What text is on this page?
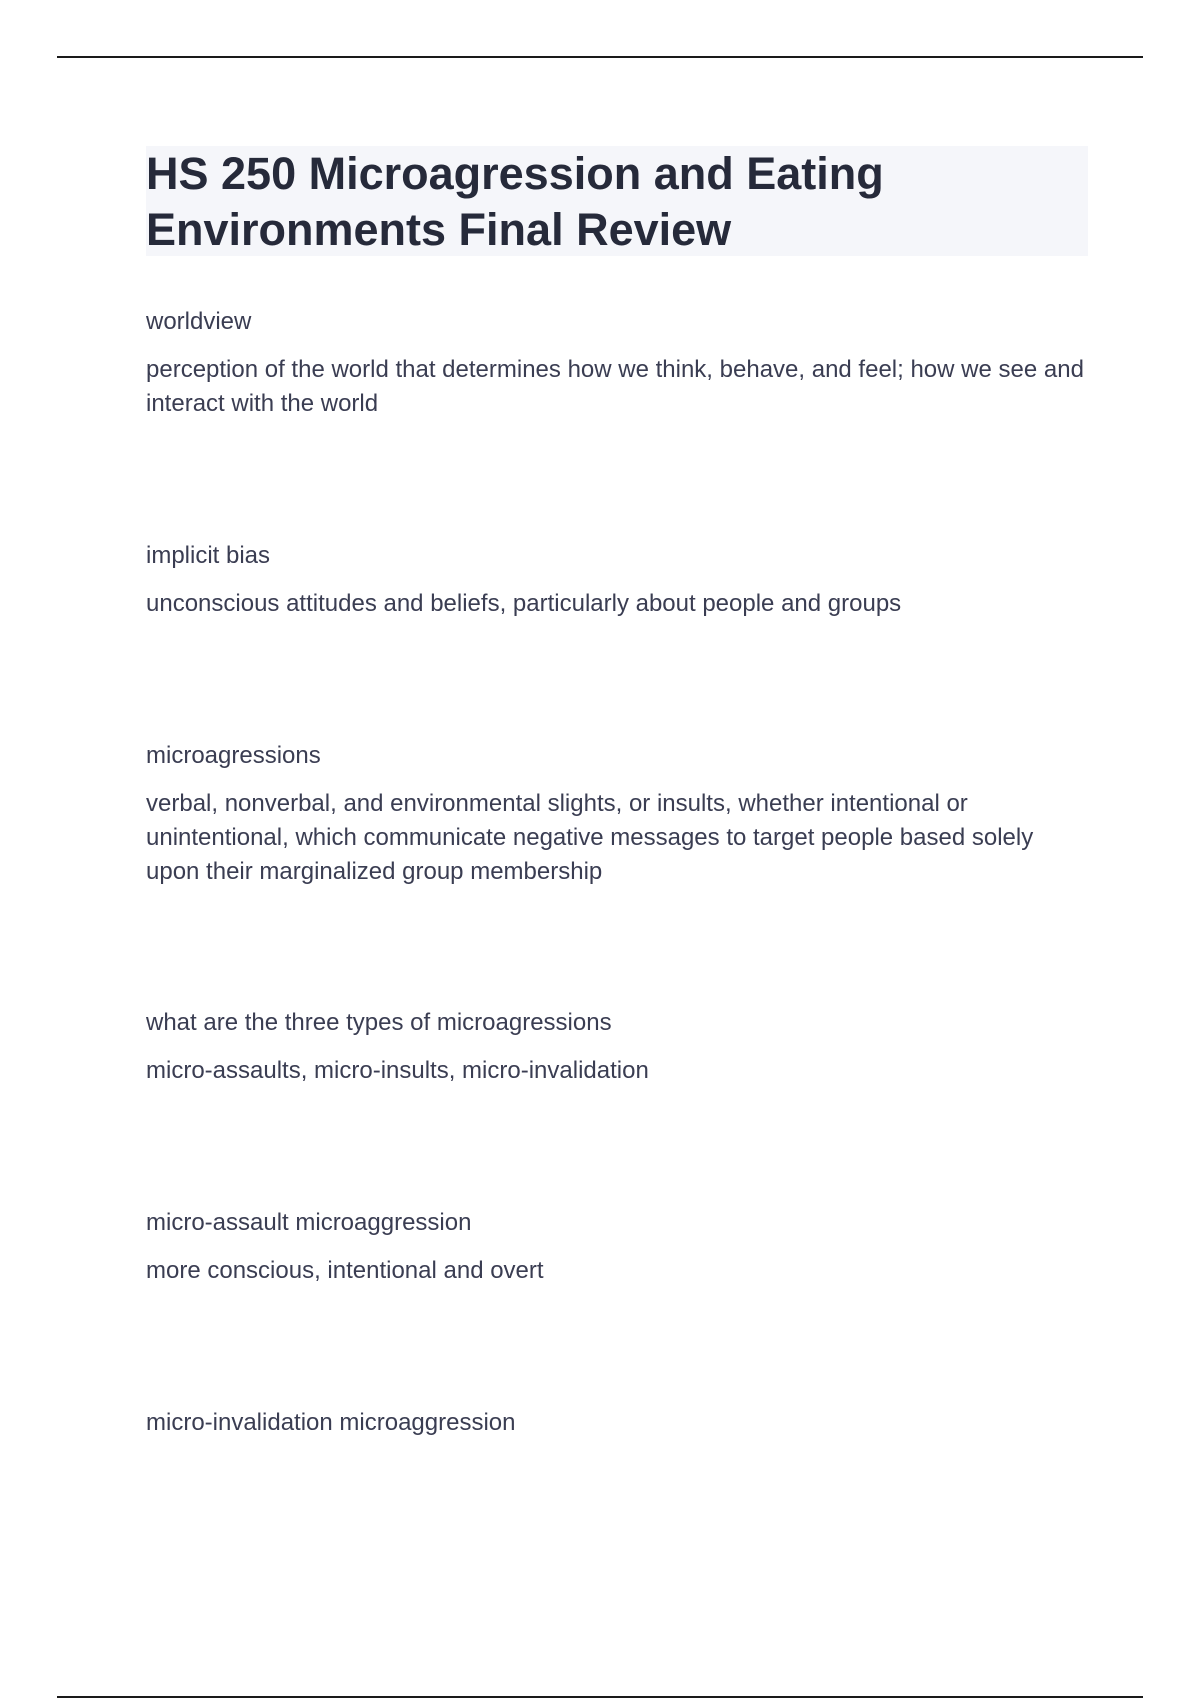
HS 250 Microagression and Eating Environments Final Review

worldview

perception of the world that determines how we think, behave, and feel; how we see and interact with the world

implicit bias

unconscious attitudes and beliefs, particularly about people and groups

microagressions

verbal, nonverbal, and environmental slights, or insults, whether intentional or unintentional, which communicate negative messages to target people based solely upon their marginalized group membership

what are the three types of microagressions

micro-assaults, micro-insults, micro-invalidation

micro-assault microaggression

more conscious, intentional and overt

micro-invalidation microaggression
